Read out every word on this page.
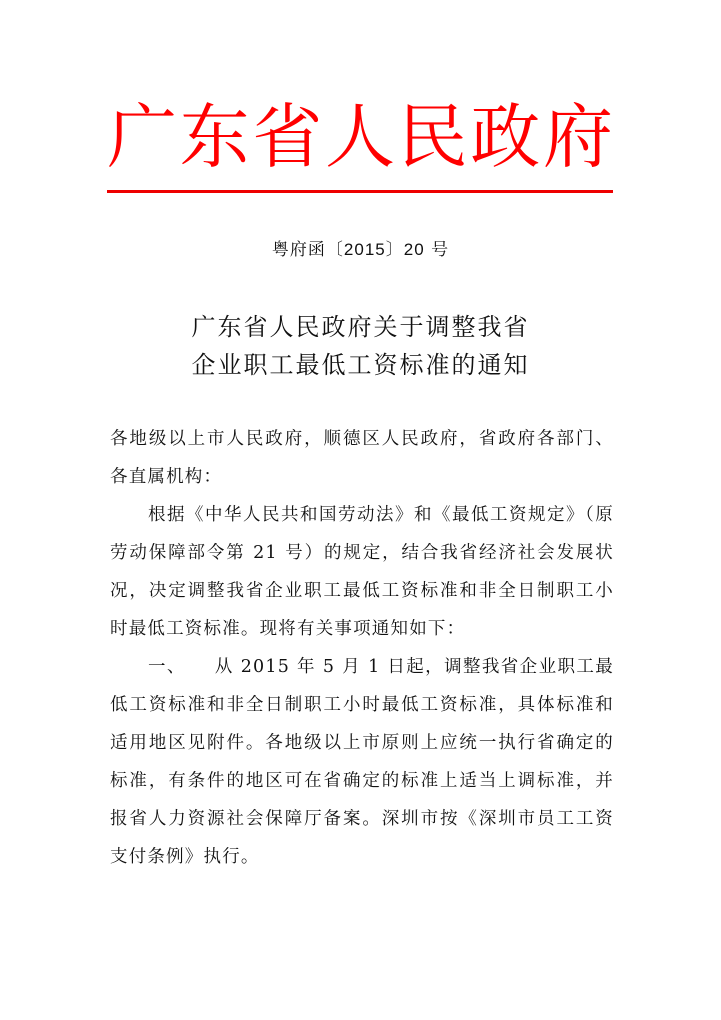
广 东 省 人 民 政 府
粤府函〔2015〕20 号
广东省人民政府关于调整我省
企业职工最低工资标准的通知

各地级以上市人民政府，顺德区人民政府，省政府各部门、各直属机构：

根据《中华人民共和国劳动法》和《最低工资规定》（原劳动保障部令第 21 号）的规定，结合我省经济社会发展状况，决定调整我省企业职工最低工资标准和非全日制职工小时最低工资标准。现将有关事项通知如下：

一、　　从 2015 年 5 月 1 日起，调整我省企业职工最低工资标准和非全日制职工小时最低工资标准，具体标准和适用地区见附件。各地级以上市原则上应统一执行省确定的标准，有条件的地区可在省确定的标准上适当上调标准，并报省人力资源社会保障厅备案。深圳市按《深圳市员工工资支付条例》执行。
